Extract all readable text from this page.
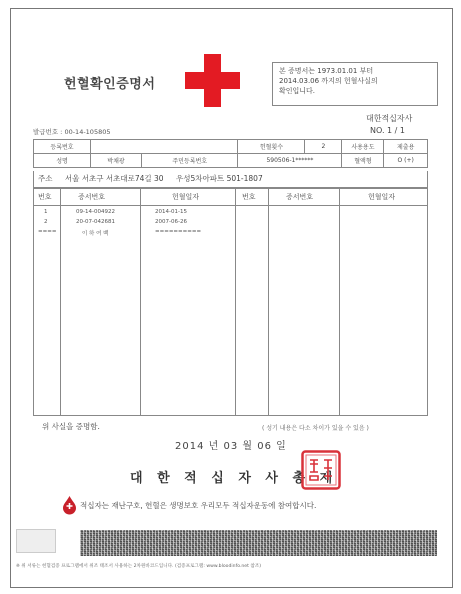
헌혈확인증명서
본 증명서는 1973.01.01 부터
2014.03.06 까지의 헌혈사실의
확인입니다.
대한적십자사
발급번호 : 00-14-105805	NO. 1 / 1
등록번호			헌혈횟수	2	사용용도	제출용
성명	박채광	주민등록번호	590506-1******		혈액형	O (+)
주소 서울 서초구 서초대로74길 30 우성5차아파트 501-1807
번호	증서번호	헌혈일자	번호	증서번호	헌혈일자
1	09-14-004922	2014-01-15
2	20-07-042681	2007-06-26
====	이 하 여 백	==========
위 사실을 증명함.	( 성기 내용은 다소 차이가 있을 수 있음 )
2014 년 03 월 06 일
대 한 적 십 자 사 총 재
적십자는 재난구호, 헌혈은 생명보호 우리모두 적십자운동에 참여합시다.
※ 위 서류는 헌혈검증 프로그램에서 위조 태조서 사용하는 2차원바코드입니다. (검증프로그램: www.bloodinfo.net 참조)
